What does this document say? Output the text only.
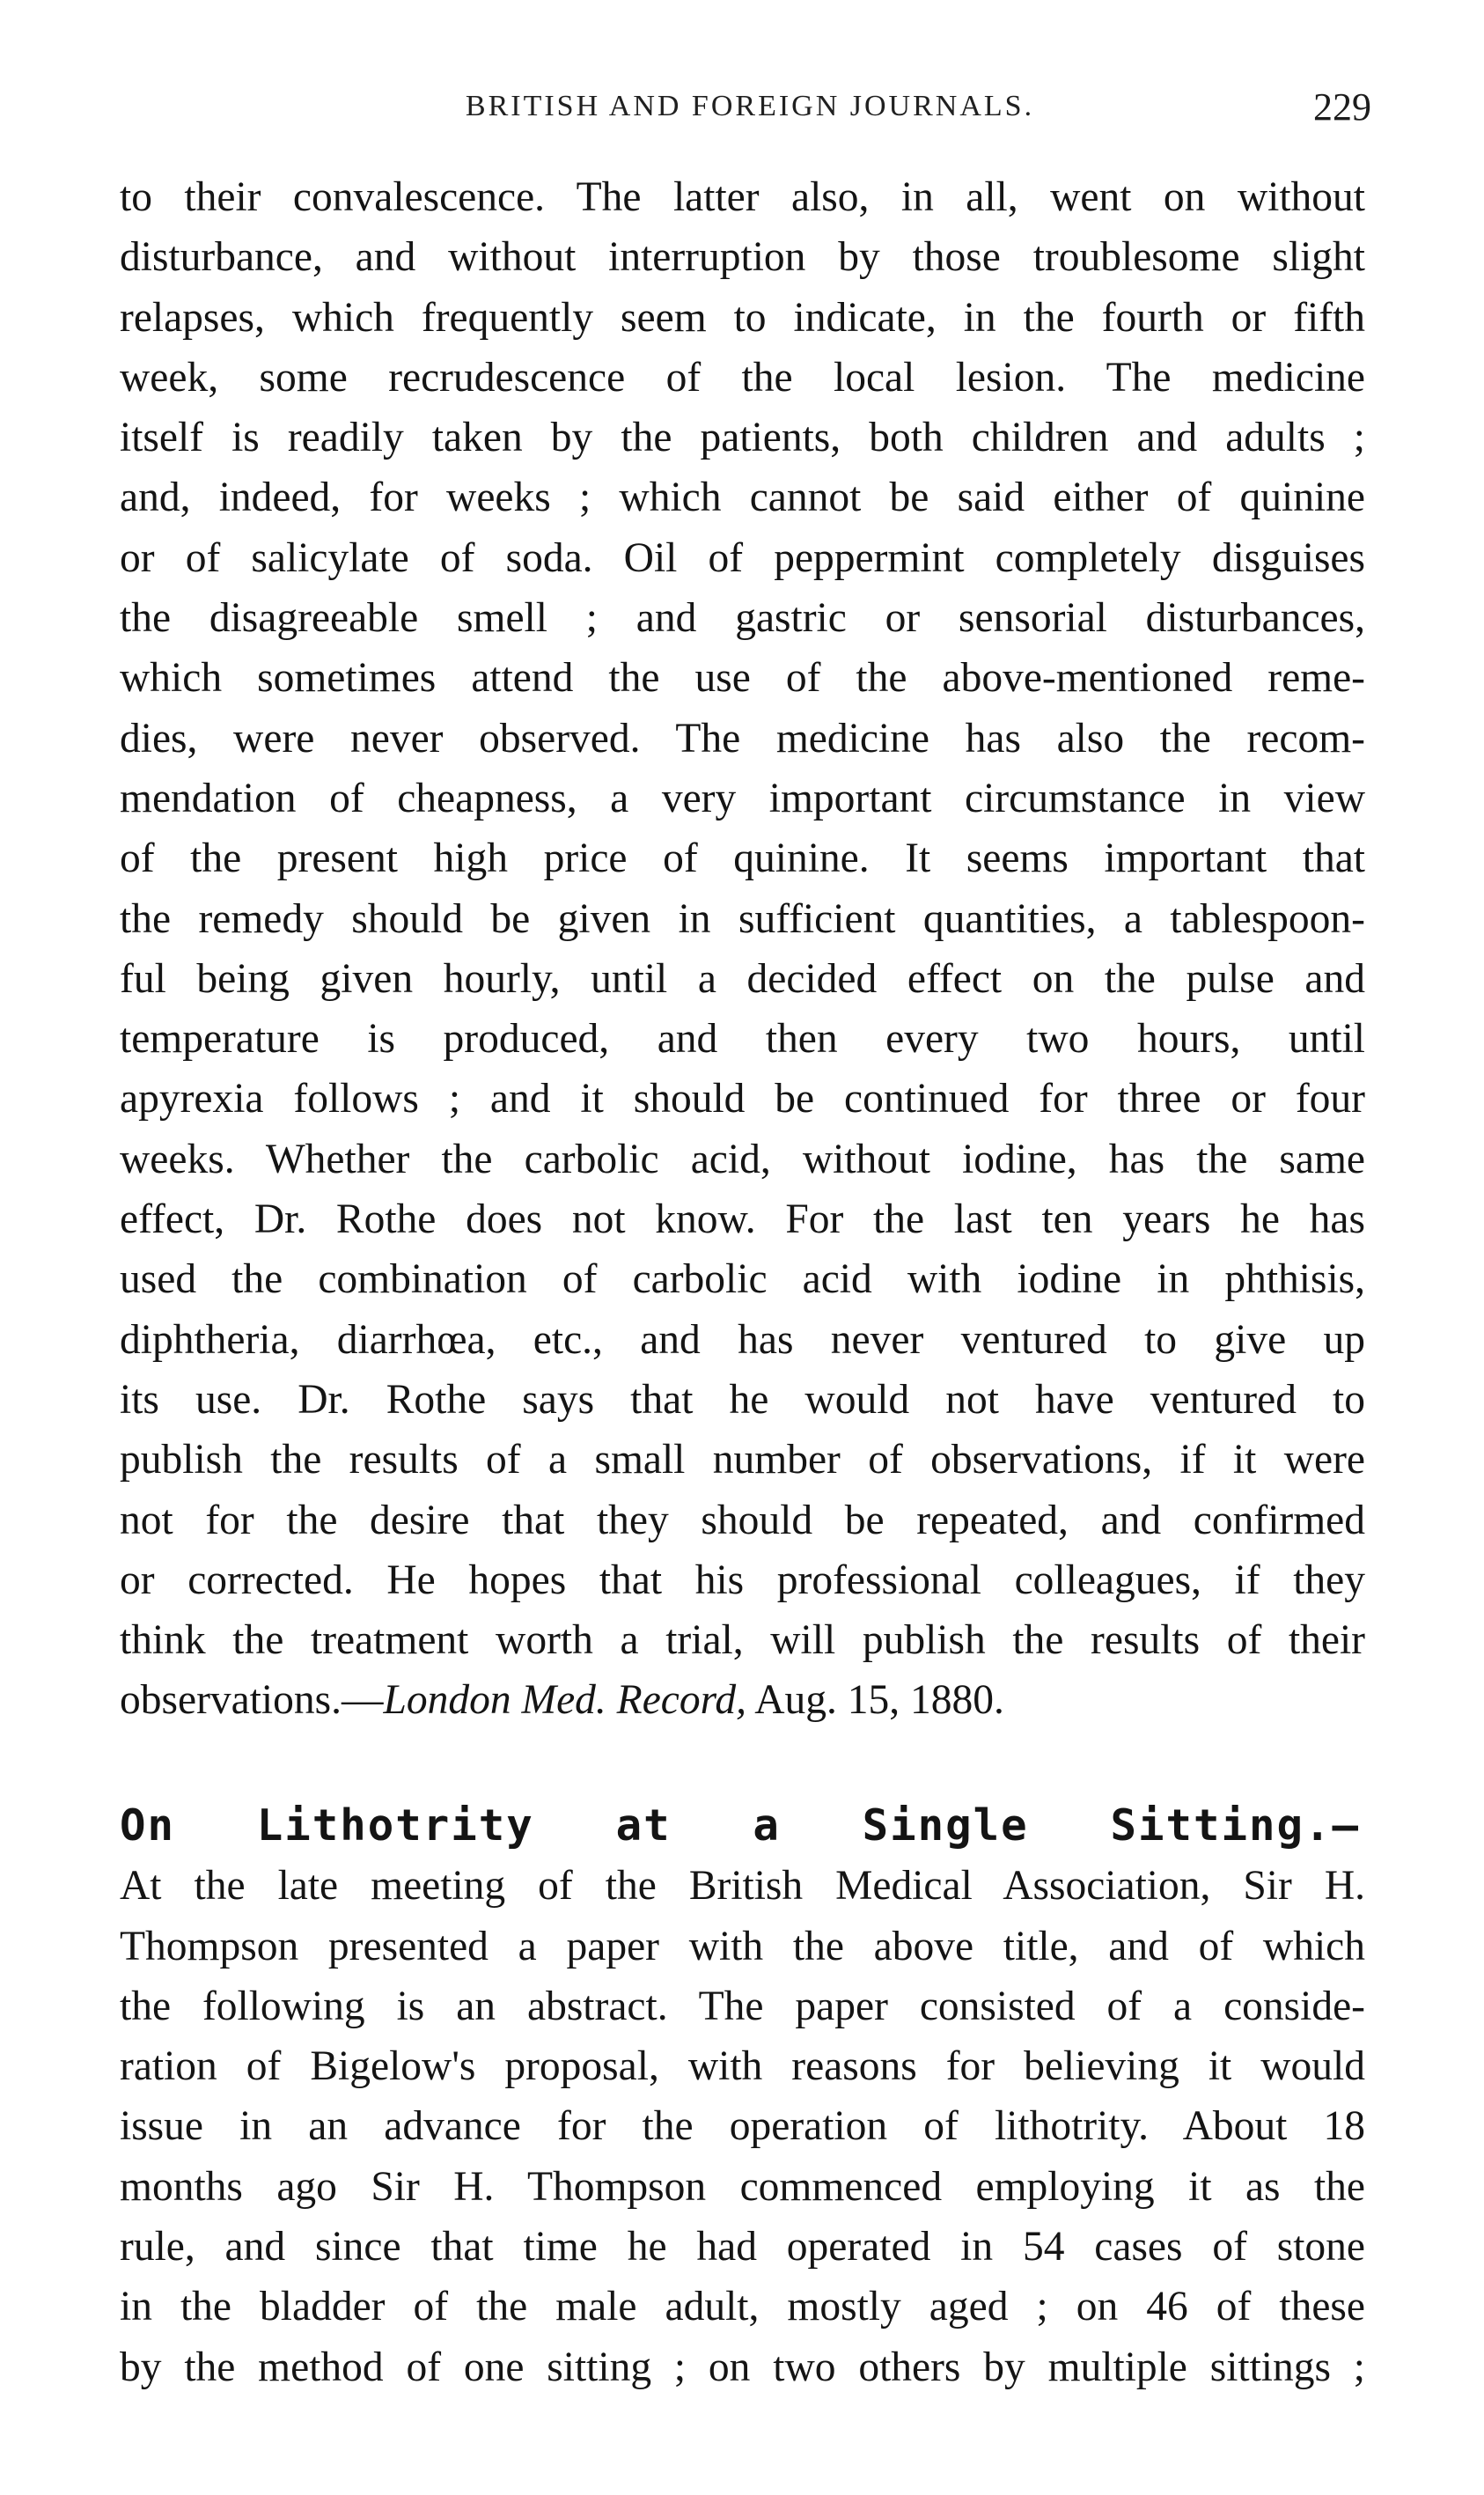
BRITISH AND FOREIGN JOURNALS.	229
to their convalescence. The latter also, in all, went on without
disturbance, and without interruption by those troublesome slight
relapses, which frequently seem to indicate, in the fourth or fifth
week, some recrudescence of the local lesion. The medicine
itself is readily taken by the patients, both children and adults ;
and, indeed, for weeks ; which cannot be said either of quinine
or of salicylate of soda. Oil of peppermint completely disguises
the disagreeable smell ; and gastric or sensorial disturbances,
which sometimes attend the use of the above-mentioned reme-
dies, were never observed. The medicine has also the recom-
mendation of cheapness, a very important circumstance in view
of the present high price of quinine. It seems important that
the remedy should be given in sufficient quantities, a tablespoon-
ful being given hourly, until a decided effect on the pulse and
temperature is produced, and then every two hours, until
apyrexia follows ; and it should be continued for three or four
weeks. Whether the carbolic acid, without iodine, has the same
effect, Dr. Rothe does not know. For the last ten years he has
used the combination of carbolic acid with iodine in phthisis,
diphtheria, diarrhœa, etc., and has never ventured to give up
its use. Dr. Rothe says that he would not have ventured to
publish the results of a small number of observations, if it were
not for the desire that they should be repeated, and confirmed
or corrected. He hopes that his professional colleagues, if they
think the treatment worth a trial, will publish the results of their
observations.—London Med. Record, Aug. 15, 1880.
On Lithotrity at a Single Sitting.—
At the late meeting of the British Medical Association, Sir H.
Thompson presented a paper with the above title, and of which
the following is an abstract. The paper consisted of a conside-
ration of Bigelow's proposal, with reasons for believing it would
issue in an advance for the operation of lithotrity. About 18
months ago Sir H. Thompson commenced employing it as the
rule, and since that time he had operated in 54 cases of stone
in the bladder of the male adult, mostly aged ; on 46 of these
by the method of one sitting ; on two others by multiple sittings ;
